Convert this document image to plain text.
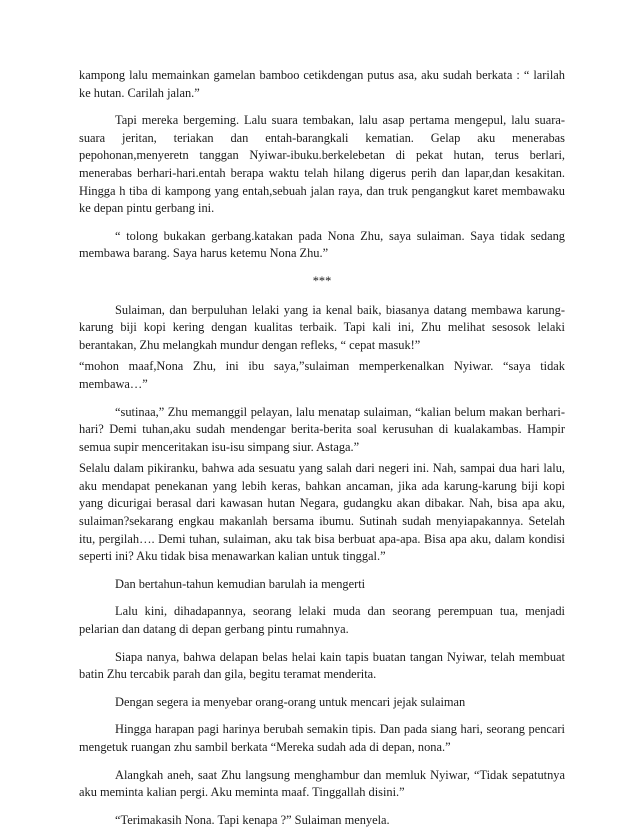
kampong lalu memainkan gamelan bamboo cetikdengan putus asa, aku sudah berkata : “ larilah ke hutan. Carilah jalan.”

Tapi mereka bergeming. Lalu suara tembakan, lalu asap pertama mengepul, lalu suara-suara jeritan, teriakan dan entah-barangkali kematian. Gelap aku menerabas pepohonan,menyeretn tanggan Nyiwar-ibuku.berkelebetan di pekat hutan, terus berlari, menerabas berhari-hari.entah berapa waktu telah hilang digerus perih dan lapar,dan kesakitan. Hingga h tiba di kampong yang entah,sebuah jalan raya, dan truk pengangkut karet membawaku ke depan pintu gerbang ini.

“ tolong bukakan gerbang.katakan pada Nona Zhu, saya sulaiman. Saya tidak sedang membawa barang. Saya harus ketemu Nona Zhu.”

***

Sulaiman, dan berpuluhan lelaki yang ia kenal baik, biasanya datang membawa karung-karung biji kopi kering dengan kualitas terbaik. Tapi kali ini, Zhu melihat sesosok lelaki berantakan, Zhu melangkah mundur dengan refleks, “ cepat masuk!”

“mohon maaf,Nona Zhu, ini ibu saya,”sulaiman memperkenalkan Nyiwar. “saya tidak membawa…”

“sutinaa,” Zhu memanggil pelayan, lalu menatap sulaiman, “kalian belum makan berhari-hari? Demi tuhan,aku sudah mendengar berita-berita soal kerusuhan di kualakambas. Hampir semua supir menceritakan isu-isu simpang siur. Astaga.”

Selalu dalam pikiranku, bahwa ada sesuatu yang salah dari negeri ini. Nah, sampai dua hari lalu, aku mendapat penekanan yang lebih keras, bahkan ancaman, jika ada karung-karung biji kopi yang dicurigai berasal dari kawasan hutan Negara, gudangku akan dibakar. Nah, bisa apa aku, sulaiman?sekarang engkau makanlah bersama ibumu. Sutinah sudah menyiapakannya. Setelah itu, pergilah…. Demi tuhan, sulaiman, aku tak bisa berbuat apa-apa. Bisa apa aku, dalam kondisi seperti ini? Aku tidak bisa menawarkan kalian untuk tinggal.”

Dan bertahun-tahun kemudian barulah ia mengerti

Lalu kini, dihadapannya, seorang lelaki muda dan seorang perempuan tua, menjadi pelarian dan datang di depan gerbang pintu rumahnya.

Siapa nanya, bahwa delapan belas helai kain tapis buatan tangan Nyiwar, telah membuat batin Zhu tercabik parah dan gila, begitu teramat menderita.

Dengan segera ia menyebar orang-orang untuk mencari jejak sulaiman

Hingga harapan pagi harinya berubah semakin tipis. Dan pada siang hari, seorang pencari mengetuk ruangan zhu sambil berkata “Mereka sudah ada di depan, nona.”

Alangkah aneh, saat Zhu langsung menghambur dan memluk Nyiwar, “Tidak sepatutnya aku meminta kalian pergi. Aku meminta maaf. Tinggallah disini.”

“Terimakasih Nona. Tapi kenapa ?” Sulaiman menyela.
